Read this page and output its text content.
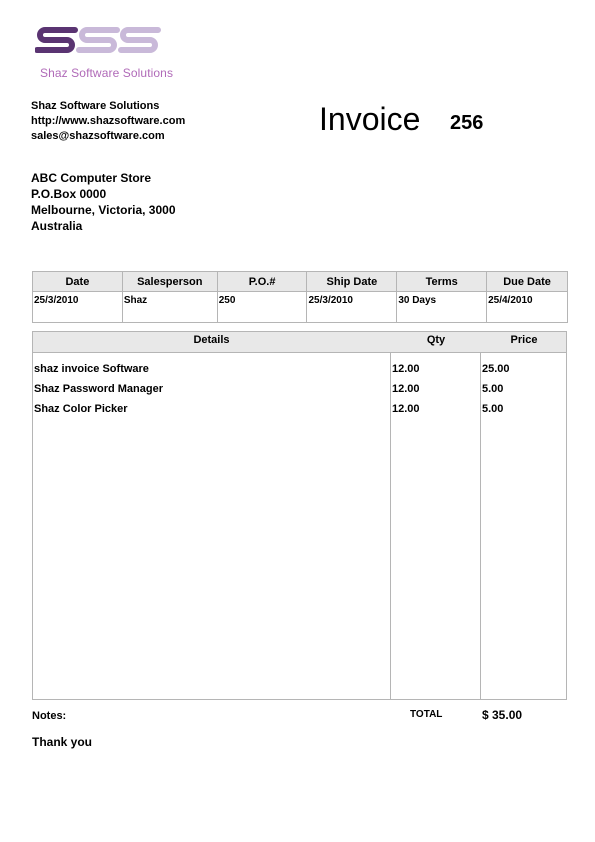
Shaz Software Solutions
Shaz Software Solutions
http://www.shazsoftware.com
sales@shazsoftware.com	Invoice 256
ABC Computer Store
P.O.Box 0000
Melbourne, Victoria, 3000
Australia
Date	Salesperson	P.O.#	Ship Date	Terms	Due Date
25/3/2010	Shaz	250	25/3/2010	30 Days	25/4/2010
Details	Qty	Price
shaz invoice Software	12.00	25.00
Shaz Password Manager	12.00	5.00
Shaz Color Picker	12.00	5.00
Notes:	TOTAL	$ 35.00
Thank you
